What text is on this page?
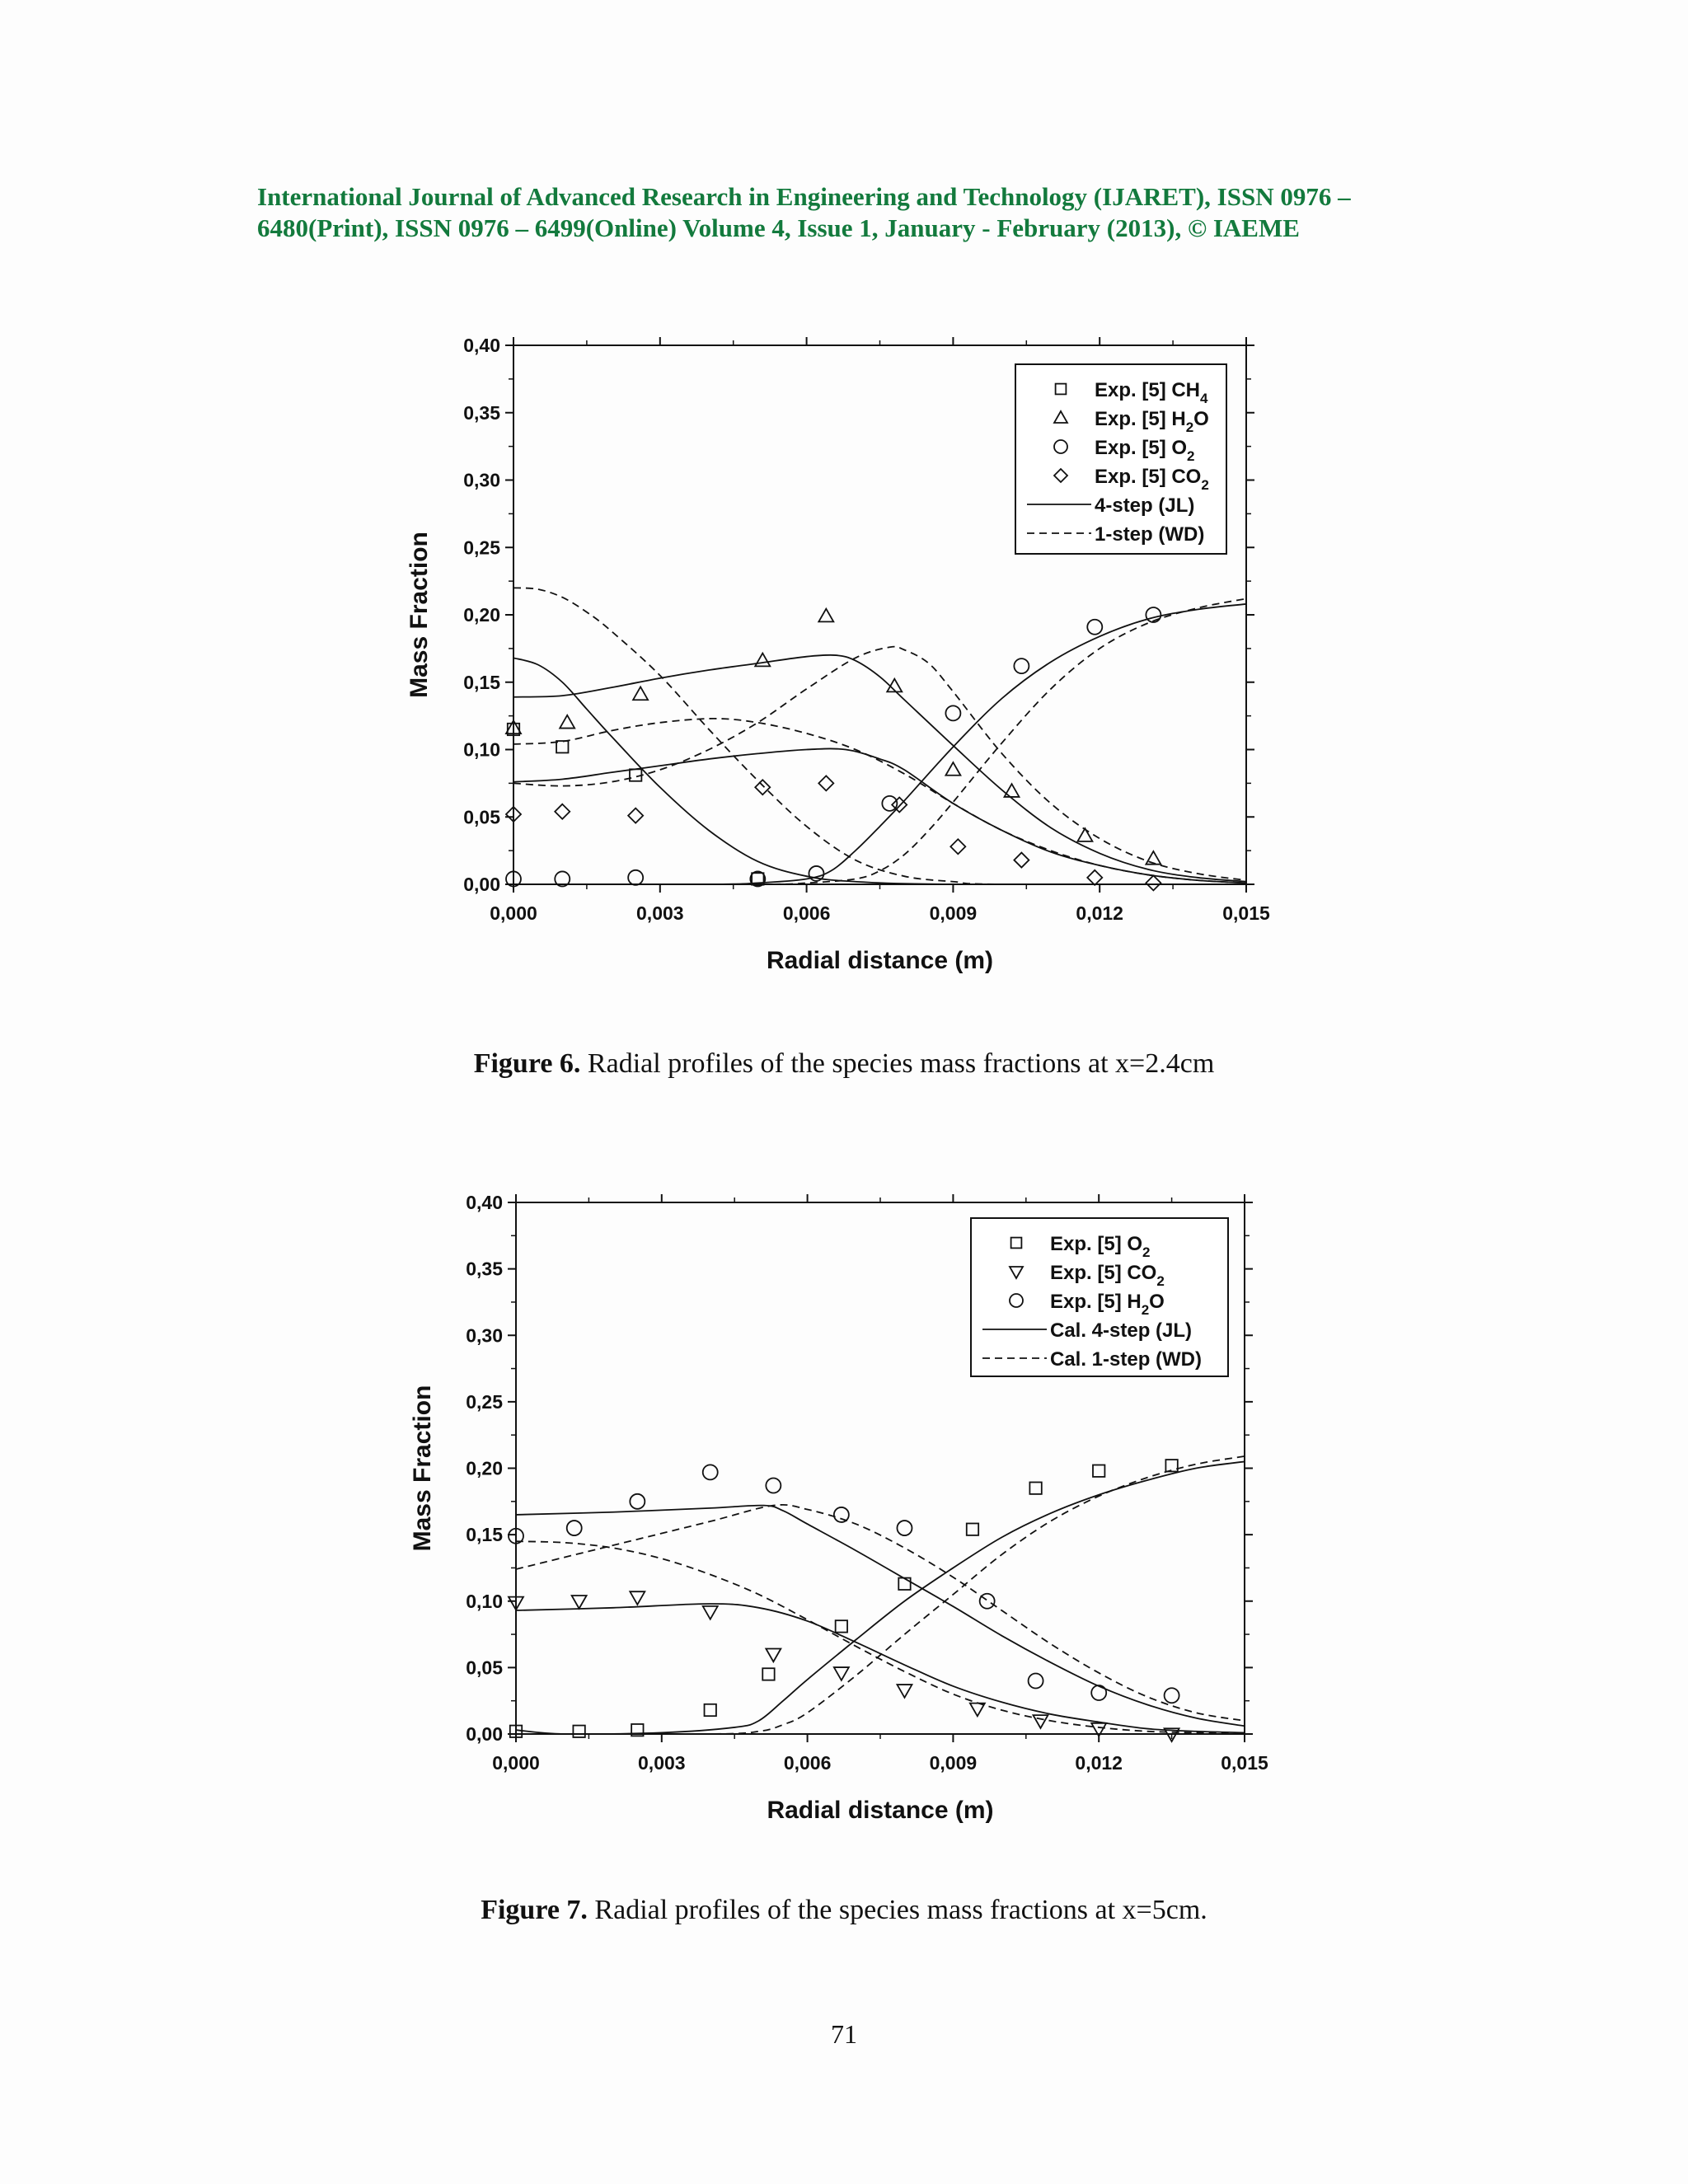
International Journal of Advanced Research in Engineering and Technology (IJARET), ISSN 0976 –
6480(Print), ISSN 0976 – 6499(Online) Volume 4, Issue 1, January - February (2013), © IAEME
0,00
0,05
0,10
0,15
0,20
0,25
0,30
0,35
0,40
0,000	0,003	0,006	0,009	0,012	0,015
Radial distance (m)
Mass Fraction
Exp. [5] $CH_4$
Exp. [5] $H_2O$
Exp. [5] $O_2$
Exp. [5] $CO_2$
4-step (JL)
1-step (WD)
Figure 6. Radial profiles of the species mass fractions at x=2.4cm
0,00
0,05
0,10
0,15
0,20
0,25
0,30
0,35
0,40
0,000	0,003	0,006	0,009	0,012	0,015
Radial distance (m)
Mass Fraction
Exp. [5] $O_2$
Exp. [5] $CO_2$
Exp. [5] $H_2O$
Cal. 4-step (JL)
Cal. 1-step (WD)
Figure 7. Radial profiles of the species mass fractions at x=5cm.
71
